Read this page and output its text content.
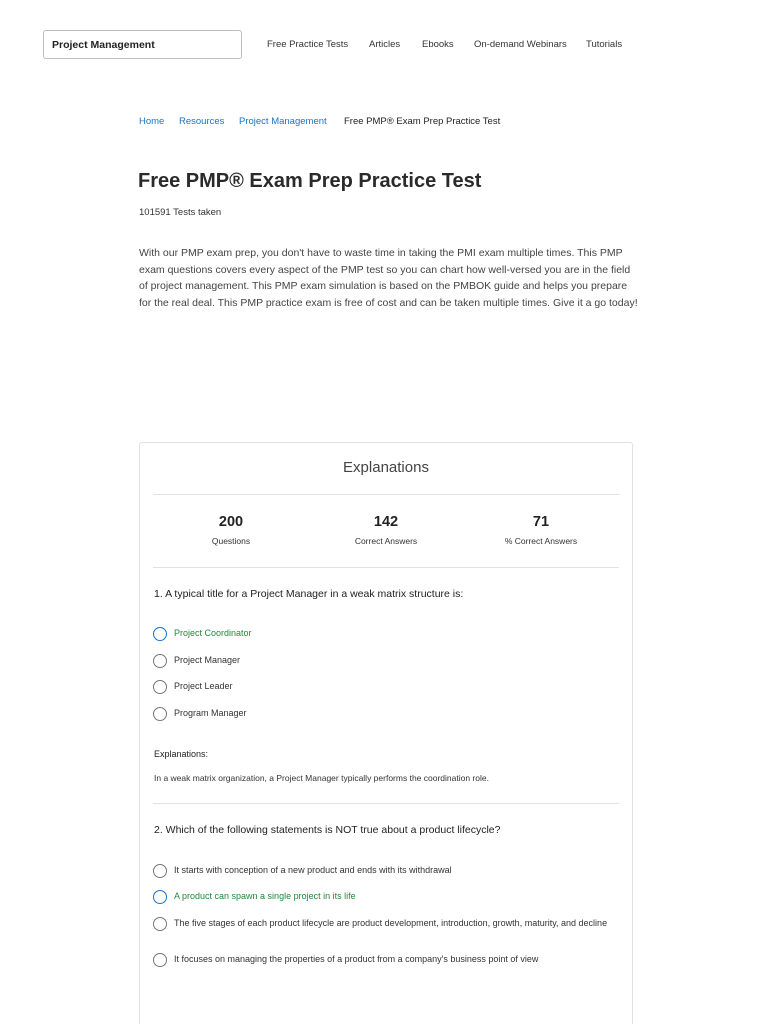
Project Management	Free Practice Tests Articles Ebooks On-demand Webinars Tutorials
Home Resources Project Management Free PMP® Exam Prep Practice Test
Free PMP® Exam Prep Practice Test
101591 Tests taken

With our PMP exam prep, you don't have to waste time in taking the PMI exam multiple times. This PMP exam questions covers every aspect of the PMP test so you can chart how well-versed you are in the field of project management. This PMP exam simulation is based on the PMBOK guide and helps you prepare for the real deal. This PMP practice exam is free of cost and can be taken multiple times. Give it a go today!

Explanations
200
Questions
142
Correct Answers
71
% Correct Answers
1. A typical title for a Project Manager in a weak matrix structure is:
Project Coordinator
Project Manager
Project Leader
Program Manager
Explanations:
In a weak matrix organization, a Project Manager typically performs the coordination role.
2. Which of the following statements is NOT true about a product lifecycle?
It starts with conception of a new product and ends with its withdrawal
A product can spawn a single project in its life
The five stages of each product lifecycle are product development, introduction, growth, maturity, and decline
It focuses on managing the properties of a product from a company's business point of view
